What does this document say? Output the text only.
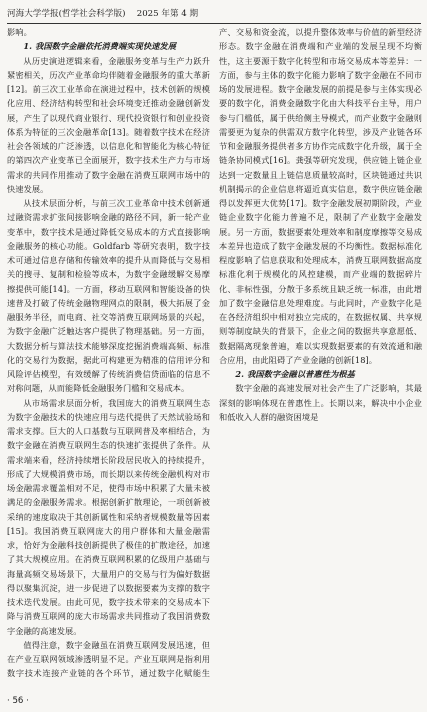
河海大学学报(哲学社会科学版)　 2025 年第 4 期

影响。

1. 我国数字金融依托消费端实现快速发展

从历史演进逻辑来看，金融服务变革与生产力跃升紧密相关，历次产业革命均伴随着金融服务的重大革新[12]。前三次工业革命在演进过程中，技术创新的规模化应用、经济结构转型和社会环境变迁推动金融创新发展，产生了以现代商业银行、现代投资银行和创业投资体系为特征的三次金融革命[13]。随着数字技术在经济社会各领域的广泛渗透，以信息化和智能化为核心特征的第四次产业变革已全面展开，数字技术生产力与市场需求的共同作用推动了数字金融在消费互联网市场中的快速发展。

从技术层面分析，与前三次工业革命中技术创新通过融资需求扩张间接影响金融的路径不同，新一轮产业变革中，数字技术是通过降低交易成本的方式直接影响金融服务的核心功能。Goldfarb 等研究表明，数字技术可通过信息存储和传输效率的提升从而降低与交易相关的搜寻、复制和检验等成本，为数字金融缓解交易摩擦提供可能[14]。一方面，移动互联网和智能设备的快速普及打破了传统金融物理网点的限制，极大拓展了金融服务半径，而电商、社交等消费互联网场景的兴起，为数字金融广泛触达客户提供了物理基础。另一方面，大数据分析与算法技术能够深度挖掘消费端高频、标准化的交易行为数据，据此可构建更为精准的信用评分和风险评估模型，有效缓解了传统消费信贷面临的信息不对称问题，从而能降低金融服务门槛和交易成本。

从市场需求层面分析，我国庞大的消费互联网生态为数字金融技术的快速应用与迭代提供了天然试验场和需求支撑。巨大的人口基数与互联网普及率相结合，为数字金融在消费互联网生态的快速扩张提供了条件。从需求端来看，经济持续增长阶段居民收入的持续提升，形成了大规模消费市场，而长期以来传统金融机构对市场金融需求覆盖相对不足，使得市场中积累了大量未被满足的金融服务需求。根据创新扩散理论，一项创新被采纳的速度取决于其创新属性和采纳者规模数量等因素[15]。我国消费互联网庞大的用户群体和大量金融需求，恰好为金融科技创新提供了极佳的扩散途径，加速了其大规模应用。在消费互联网积累的亿级用户基础与海量高频交易场景下，大量用户的交易与行为偏好数据得以聚集沉淀，进一步促进了以数据要素为支撑的数字技术迭代发展。由此可见，数字技术带来的交易成本下降与消费互联网的庞大市场需求共同推动了我国消费数字金融的高速发展。

值得注意，数字金融虽在消费互联网发展迅速，但在产业互联网领域渗透明显不足。产业互联网是指利用数字技术连接产业链的各个环节，通过数字化赋能生产、交易和资金流，以提升整体效率与价值的新型经济形态。数字金融在消费端和产业端的发展呈现不均衡性，这主要源于数字化转型和市场交易成本等差异：一方面，参与主体的数字化能力影响了数字金融在不同市场的发展进程。数字金融发展的前提是参与主体实现必要的数字化，消费金融数字化由大科技平台主导，用户参与门槛低，属于供给侧主导模式，而产业数字金融则需要更为复杂的供需双方数字化转型，涉及产业链各环节和金融服务提供者多方协作完成数字化升级，属于全链条协同模式[16]。龚强等研究发现，供应链上链企业达到一定数量且上链信息质量较高时，区块链通过共识机制揭示的企业信息将逼近真实信息，数字供应链金融得以发挥更大优势[17]。数字金融发展初期阶段，产业链企业数字化能力普遍不足，限制了产业数字金融发展。另一方面，数据要素处理效率和制度摩擦等交易成本差异也造成了数字金融发展的不均衡性。数据标准化程度影响了信息获取和处理成本，消费互联网数据高度标准化利于规模化的风控建模，而产业端的数据碎片化、非标性强，分散于多系统且缺乏统一标准，由此增加了数字金融信息处理难度。与此同时，产业数字化是在各经济组织中相对独立完成的，在数据权属、共享规则等制度缺失的背景下，企业之间的数据共享意愿低、数据隔离现象普遍，难以实现数据要素的有效流通和融合应用，由此阻碍了产业金融的创新[18]。

2. 我国数字金融以普惠性为根基

数字金融的高速发展对社会产生了广泛影响，其最深刻的影响体现在普惠性上。长期以来，解决中小企业和低收入人群的融资困境是

· 56 ·
